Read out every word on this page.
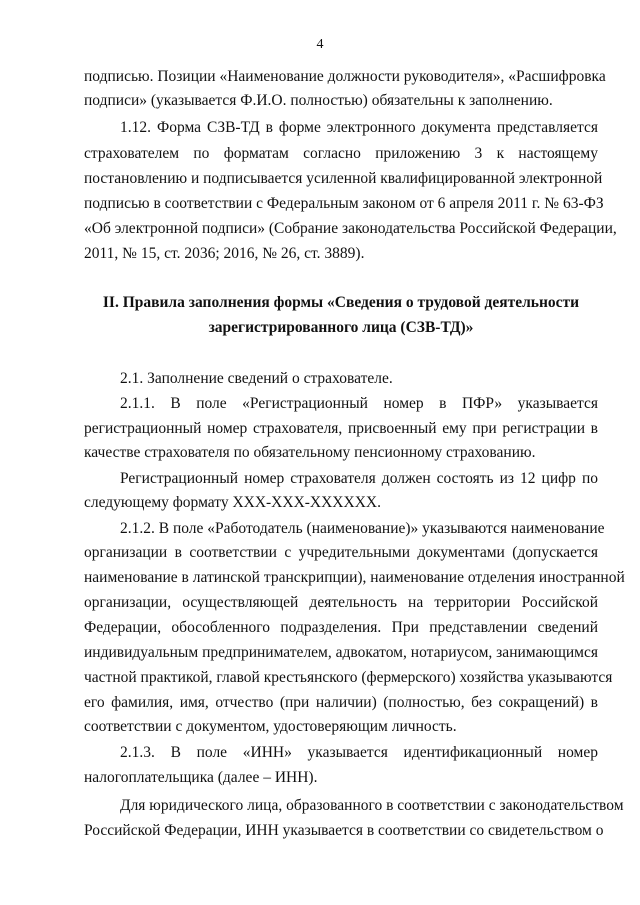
4
подписью. Позиции «Наименование должности руководителя», «Расшифровка
подписи» (указывается Ф.И.О. полностью) обязательны к заполнению.
1.12. Форма СЗВ-ТД в форме электронного документа представляется
страхователем по форматам согласно приложению 3 к настоящему
постановлению и подписывается усиленной квалифицированной электронной
подписью в соответствии с Федеральным законом от 6 апреля 2011 г. № 63-ФЗ
«Об электронной подписи» (Собрание законодательства Российской Федерации,
2011, № 15, ст. 2036; 2016, № 26, ст. 3889).
II. Правила заполнения формы «Сведения о трудовой деятельности
зарегистрированного лица (СЗВ-ТД)»
2.1. Заполнение сведений о страхователе.
2.1.1. В поле «Регистрационный номер в ПФР» указывается
регистрационный номер страхователя, присвоенный ему при регистрации в
качестве страхователя по обязательному пенсионному страхованию.
Регистрационный номер страхователя должен состоять из 12 цифр по
следующему формату ХХХ-ХХХ-ХХХХХХ.
2.1.2. В поле «Работодатель (наименование)» указываются наименование
организации в соответствии с учредительными документами (допускается
наименование в латинской транскрипции), наименование отделения иностранной
организации, осуществляющей деятельность на территории Российской
Федерации, обособленного подразделения. При представлении сведений
индивидуальным предпринимателем, адвокатом, нотариусом, занимающимся
частной практикой, главой крестьянского (фермерского) хозяйства указываются
его фамилия, имя, отчество (при наличии) (полностью, без сокращений) в
соответствии с документом, удостоверяющим личность.
2.1.3. В поле «ИНН» указывается идентификационный номер
налогоплательщика (далее – ИНН).
Для юридического лица, образованного в соответствии с законодательством
Российской Федерации, ИНН указывается в соответствии со свидетельством о
